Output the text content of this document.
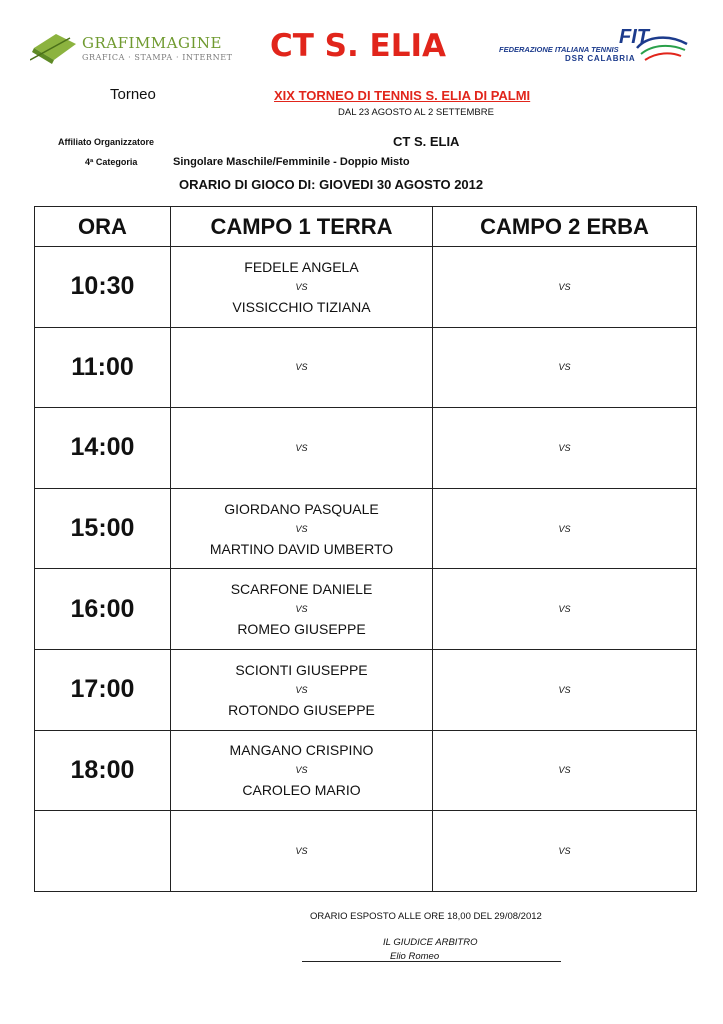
GRAFIMMAGINE
GRAFICA · STAMPA · INTERNET	CT S. ELIA	FIT
FEDERAZIONE ITALIANA TENNIS
DSR CALABRIA
Torneo	XIX TORNEO DI TENNIS S. ELIA DI PALMI
DAL 23 AGOSTO AL 2 SETTEMBRE
Affiliato Organizzatore	CT S. ELIA
4ª Categoria	Singolare Maschile/Femminile - Doppio Misto
ORARIO DI GIOCO DI: GIOVEDI 30 AGOSTO 2012
ORA	CAMPO 1 TERRA	CAMPO 2 ERBA
10:30	FEDELE ANGELA
VS
VISSICCHIO TIZIANA	VS

11:00	VS	VS

14:00	VS	VS

15:00	GIORDANO PASQUALE
VS
MARTINO DAVID UMBERTO	VS

16:00	SCARFONE DANIELE
VS
ROMEO GIUSEPPE	VS

17:00	SCIONTI GIUSEPPE
VS
ROTONDO GIUSEPPE	VS

18:00	MANGANO CRISPINO
VS
CAROLEO MARIO	VS

	VS	VS
ORARIO ESPOSTO ALLE ORE 18,00 DEL 29/08/2012
IL GIUDICE ARBITRO
Elio Romeo
